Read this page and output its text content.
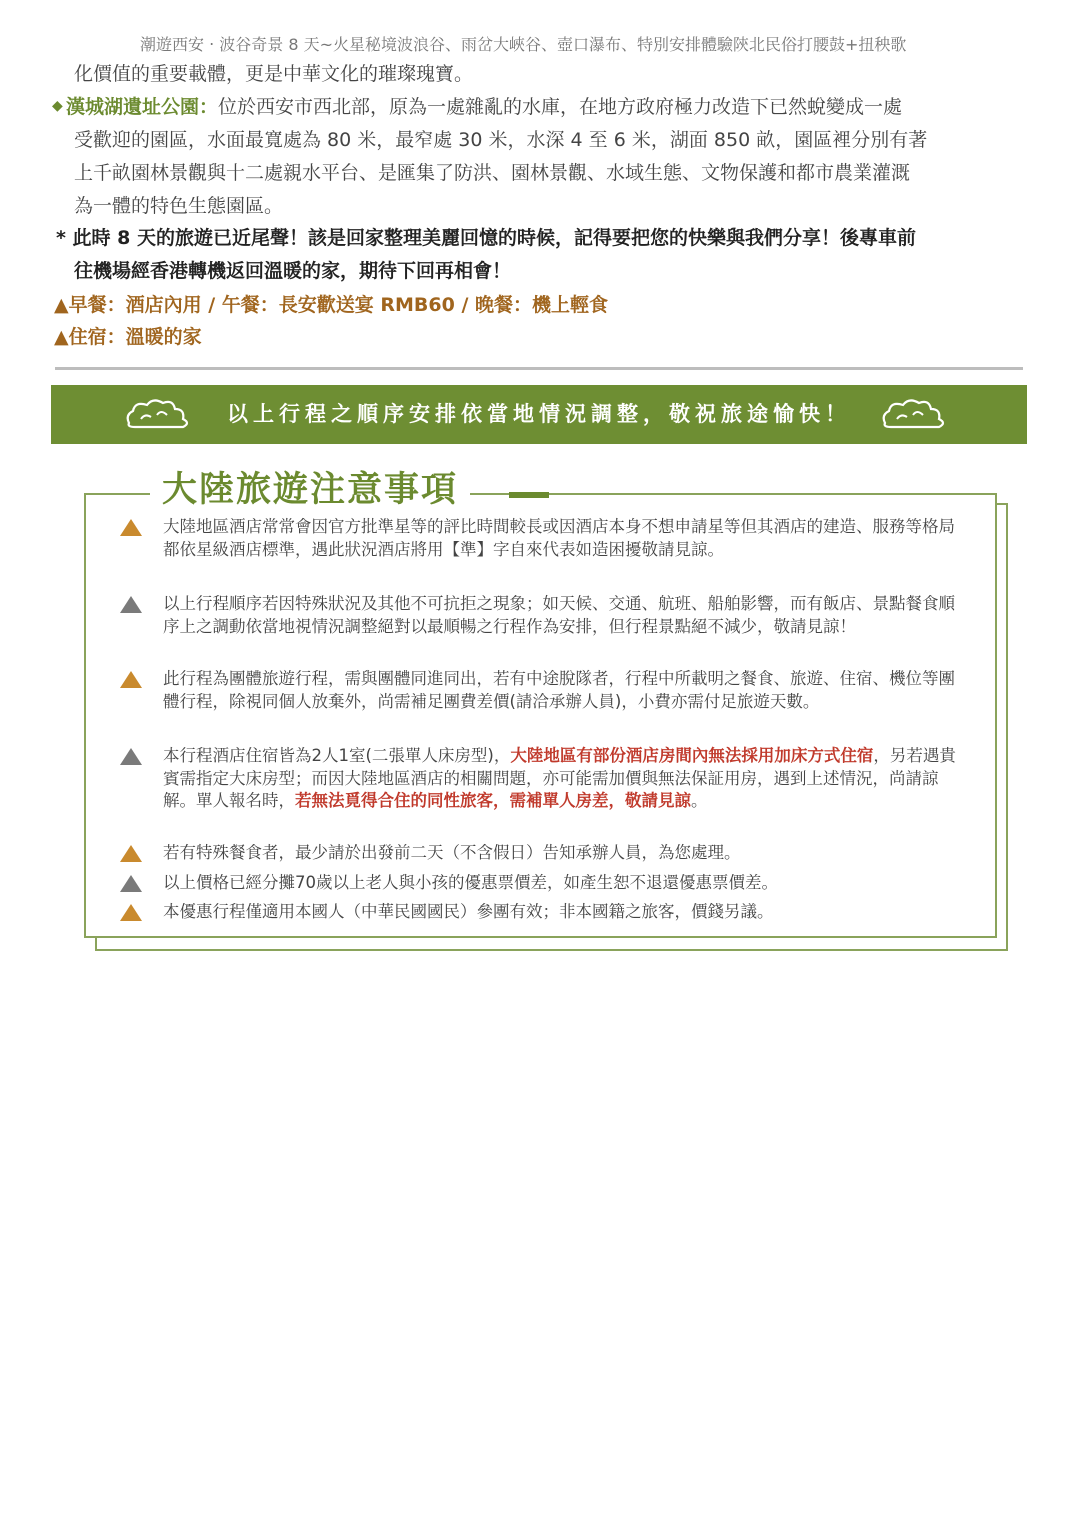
潮遊西安 ‧ 波谷奇景 8 天~火星秘境波浪谷、雨岔大峽谷、壺口瀑布、特別安排體驗陝北民俗打腰鼓+扭秧歌
化價值的重要載體，更是中華文化的璀璨瑰寶。
◆ 漢城湖遺址公園：位於西安市西北部，原為一處雜亂的水庫，在地方政府極力改造下已然蛻變成一處
受歡迎的園區，水面最寬處為 80 米，最窄處 30 米，水深 4 至 6 米，湖面 850 畝，園區裡分別有著
上千畝園林景觀與十二處親水平台、是匯集了防洪、園林景觀、水域生態、文物保護和都市農業灌溉
為一體的特色生態園區。
* 此時 8 天的旅遊已近尾聲！該是回家整理美麗回憶的時候，記得要把您的快樂與我們分享！後專車前
往機場經香港轉機返回溫暖的家，期待下回再相會！
▲早餐：酒店內用 / 午餐：長安歡送宴 RMB60 / 晚餐：機上輕食
▲住宿：溫暖的家
以上行程之順序安排依當地情況調整，敬祝旅途愉快！
大陸旅遊注意事項
大陸地區酒店常常會因官方批準星等的評比時間較長或因酒店本身不想申請星等但其酒店的建造、服務等格局都依星級酒店標準，遇此狀況酒店將用【準】字自來代表如造困擾敬請見諒。
以上行程順序若因特殊狀況及其他不可抗拒之現象；如天候、交通、航班、船舶影響，而有飯店、景點餐食順序上之調動依當地視情況調整絕對以最順暢之行程作為安排，但行程景點絕不減少，敬請見諒！
此行程為團體旅遊行程，需與團體同進同出，若有中途脫隊者，行程中所載明之餐食、旅遊、住宿、機位等團體行程，除視同個人放棄外，尚需補足團費差價(請洽承辦人員)，小費亦需付足旅遊天數。
本行程酒店住宿皆為2人1室(二張單人床房型)，大陸地區有部份酒店房間內無法採用加床方式住宿，另若遇貴賓需指定大床房型；而因大陸地區酒店的相關問題，亦可能需加價與無法保証用房，遇到上述情況，尚請諒解。單人報名時，若無法覓得合住的同性旅客，需補單人房差，敬請見諒。
若有特殊餐食者，最少請於出發前二天（不含假日）告知承辦人員，為您處理。
以上價格已經分攤70歲以上老人與小孩的優惠票價差，如產生恕不退還優惠票價差。
本優惠行程僅適用本國人（中華民國國民）參團有效；非本國籍之旅客，價錢另議。
